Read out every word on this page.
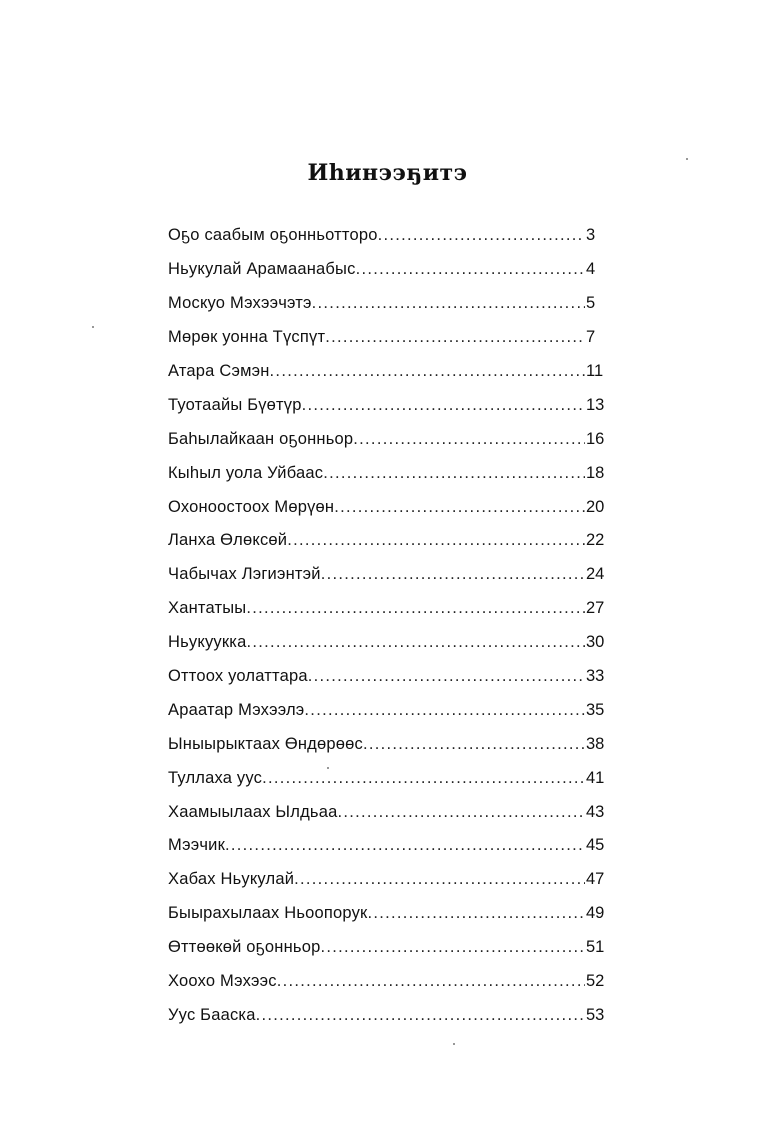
Иhинээҕитэ
Оҕо саабым оҕонньотторо .....	3
Ньукулай Арамаанабыс .....	4
Москуо Мэхээчэтэ .....	5
Мөрөк уонна Түспүт .....	7
Атара Сэмэн .....	11
Туотаайы Бүөтүр .....	13
Баhылайкаан оҕонньор .....	16
Кыhыл уола Уйбаас .....	18
Охоноостоох Мөрүөн .....	20
Ланха Өлөксөй .....	22
Чабычах Лэгиэнтэй .....	24
Хантатыы .....	27
Ньукуукка .....	30
Оттоох уолаттара .....	33
Араатар Мэхээлэ .....	35
Ыныырыктаах Өндөрөөс .....	38
Туллаха уус .....	41
Хаамыылаах Ылдьаа .....	43
Мээчик .....	45
Хабах Ньукулай .....	47
Быырахылаах Ньоопорук .....	49
Өттөөкөй оҕонньор .....	51
Хоохо Мэхээс .....	52
Уус Бааска .....	53
